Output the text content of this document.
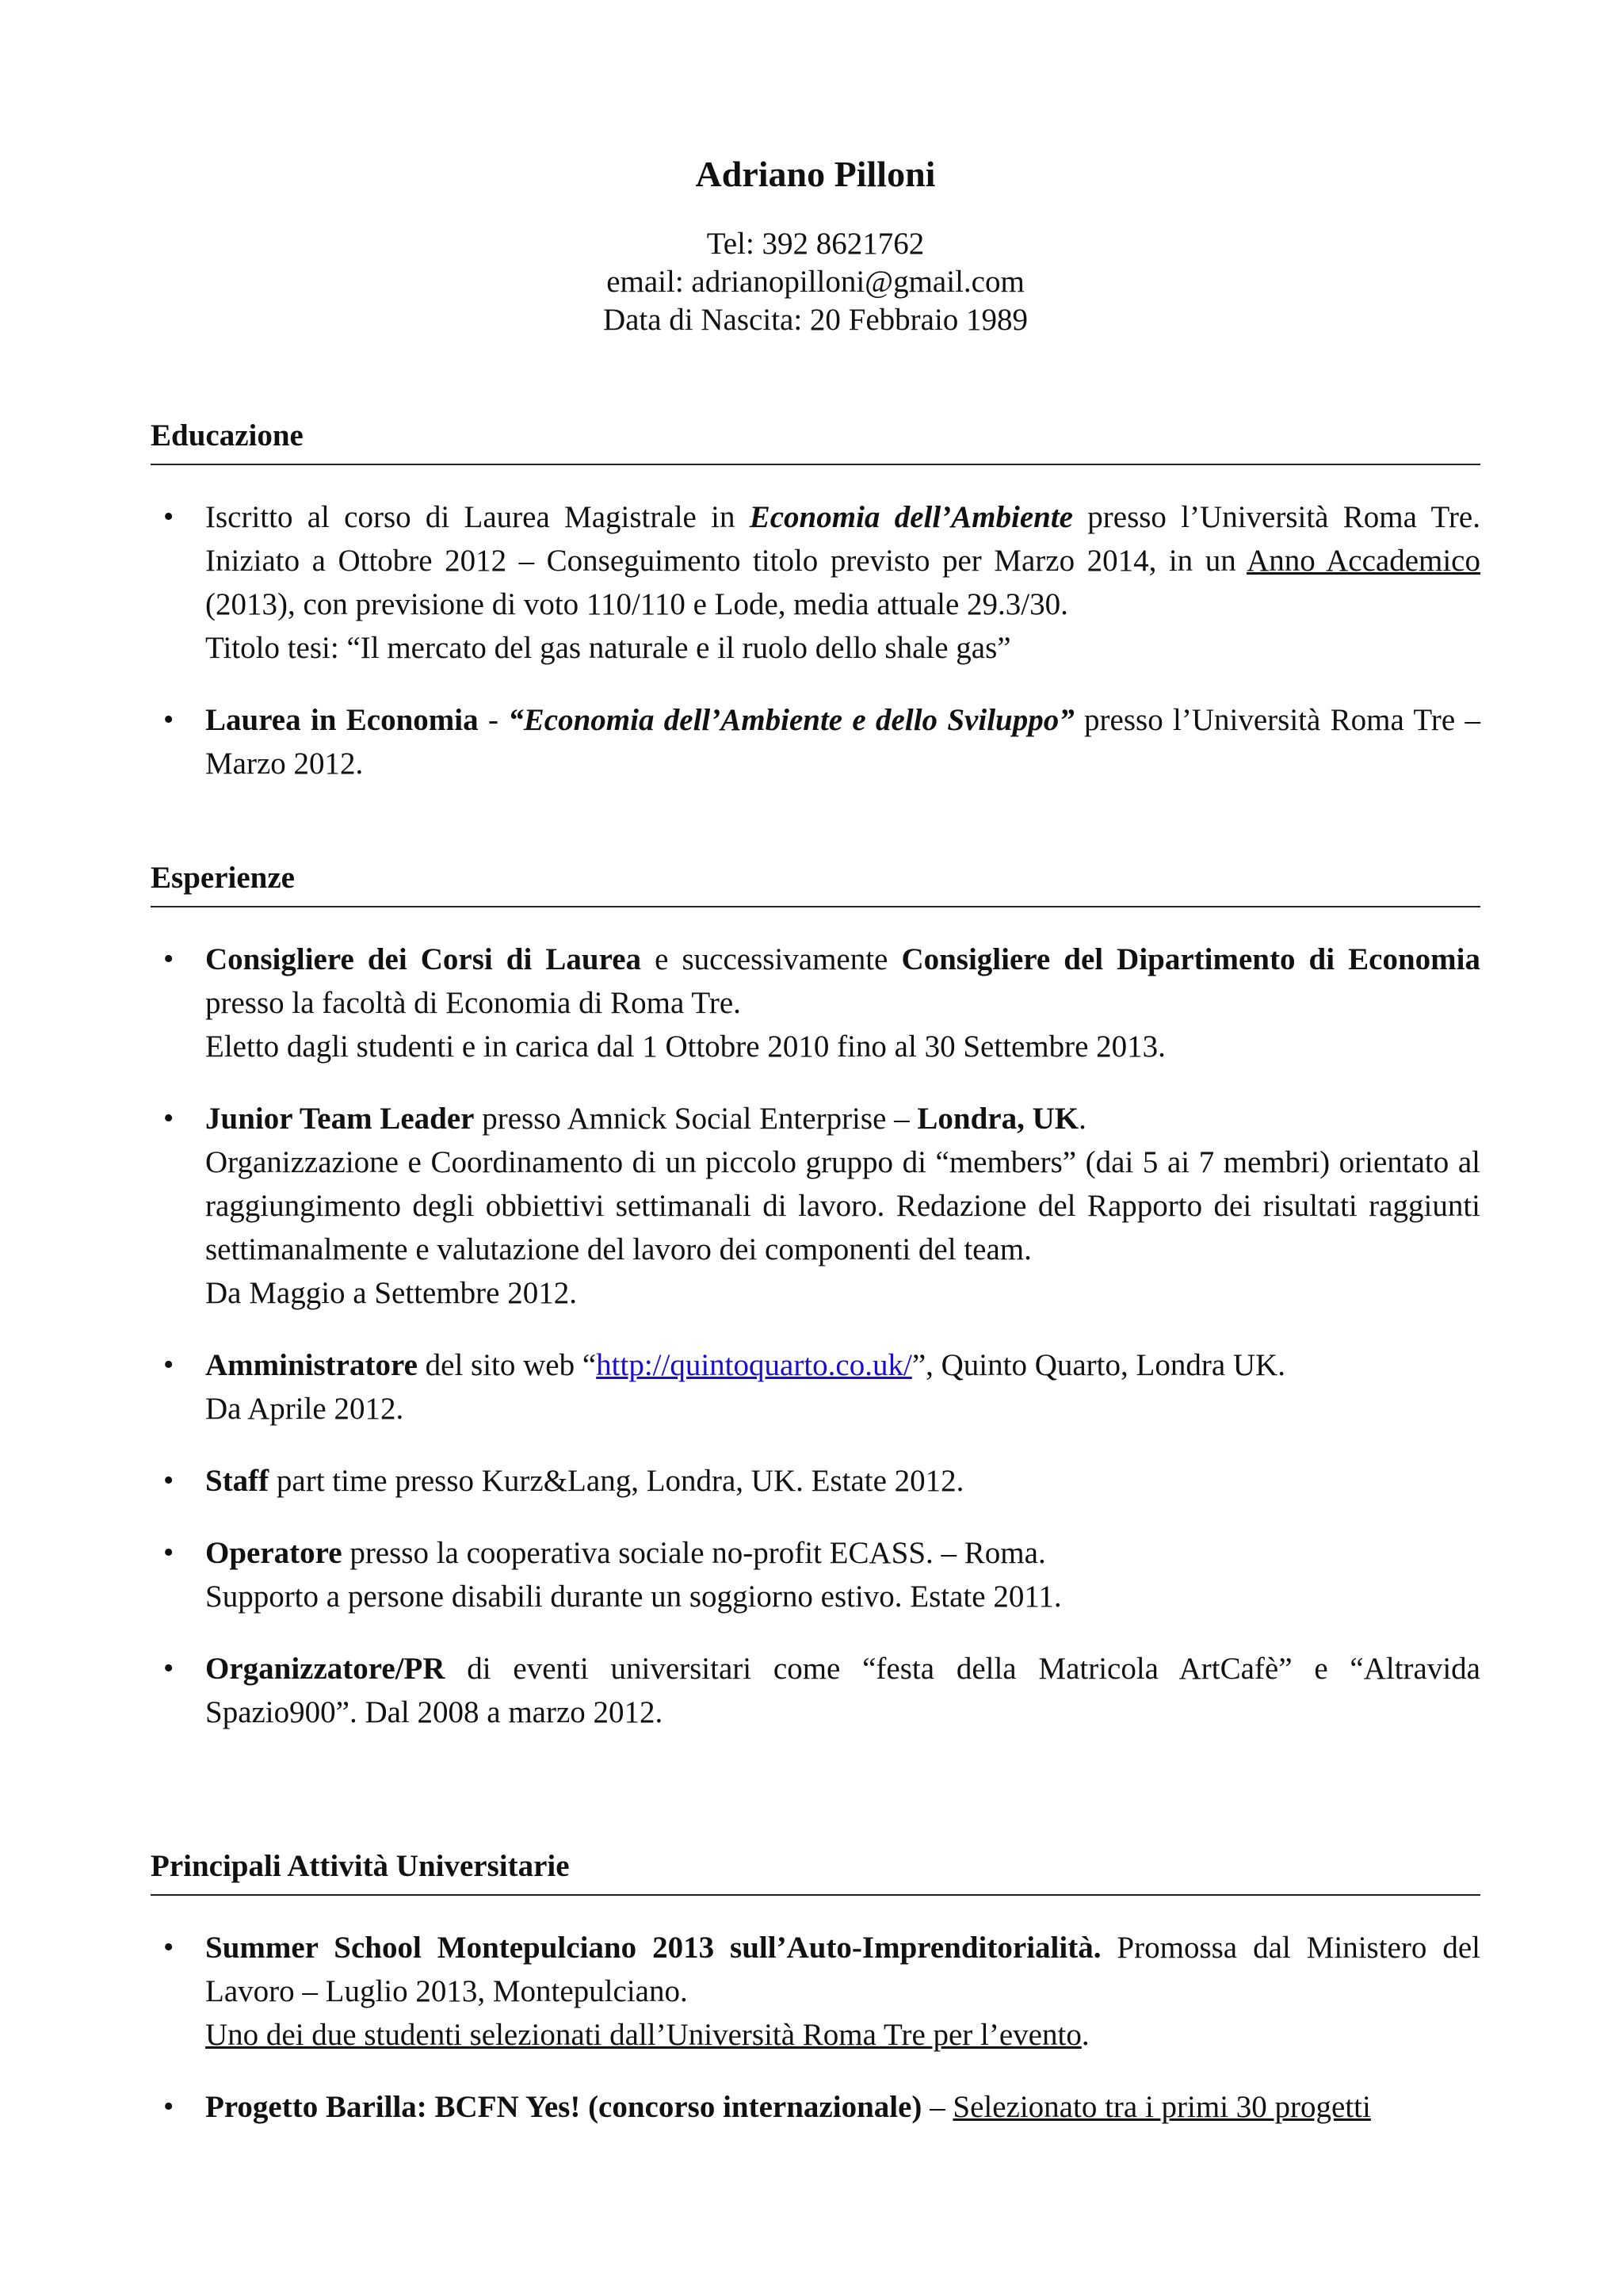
Adriano Pilloni
Tel: 392 8621762
email: adrianopilloni@gmail.com
Data di Nascita: 20 Febbraio 1989
Educazione
• Iscritto al corso di Laurea Magistrale in Economia dell’Ambiente presso l’Università Roma Tre. Iniziato a Ottobre 2012 – Conseguimento titolo previsto per Marzo 2014, in un Anno Accademico (2013), con previsione di voto 110/110 e Lode, media attuale 29.3/30.
Titolo tesi: “Il mercato del gas naturale e il ruolo dello shale gas”
• Laurea in Economia - “Economia dell’Ambiente e dello Sviluppo” presso l’Università Roma Tre – Marzo 2012.
Esperienze
• Consigliere dei Corsi di Laurea e successivamente Consigliere del Dipartimento di Economia presso la facoltà di Economia di Roma Tre.
Eletto dagli studenti e in carica dal 1 Ottobre 2010 fino al 30 Settembre 2013.
• Junior Team Leader presso Amnick Social Enterprise – Londra, UK.
Organizzazione e Coordinamento di un piccolo gruppo di “members” (dai 5 ai 7 membri) orientato al raggiungimento degli obbiettivi settimanali di lavoro. Redazione del Rapporto dei risultati raggiunti settimanalmente e valutazione del lavoro dei componenti del team.
Da Maggio a Settembre 2012.
• Amministratore del sito web “http://quintoquarto.co.uk/”, Quinto Quarto, Londra UK.
Da Aprile 2012.
• Staff part time presso Kurz&Lang, Londra, UK. Estate 2012.
• Operatore presso la cooperativa sociale no-profit ECASS. – Roma.
Supporto a persone disabili durante un soggiorno estivo. Estate 2011.
• Organizzatore/PR di eventi universitari come “festa della Matricola ArtCafè” e “Altravida Spazio900”. Dal 2008 a marzo 2012.
Principali Attività Universitarie
• Summer School Montepulciano 2013 sull’Auto-Imprenditorialità. Promossa dal Ministero del Lavoro – Luglio 2013, Montepulciano.
Uno dei due studenti selezionati dall’Università Roma Tre per l’evento.
• Progetto Barilla: BCFN Yes! (concorso internazionale) – Selezionato tra i primi 30 progetti
